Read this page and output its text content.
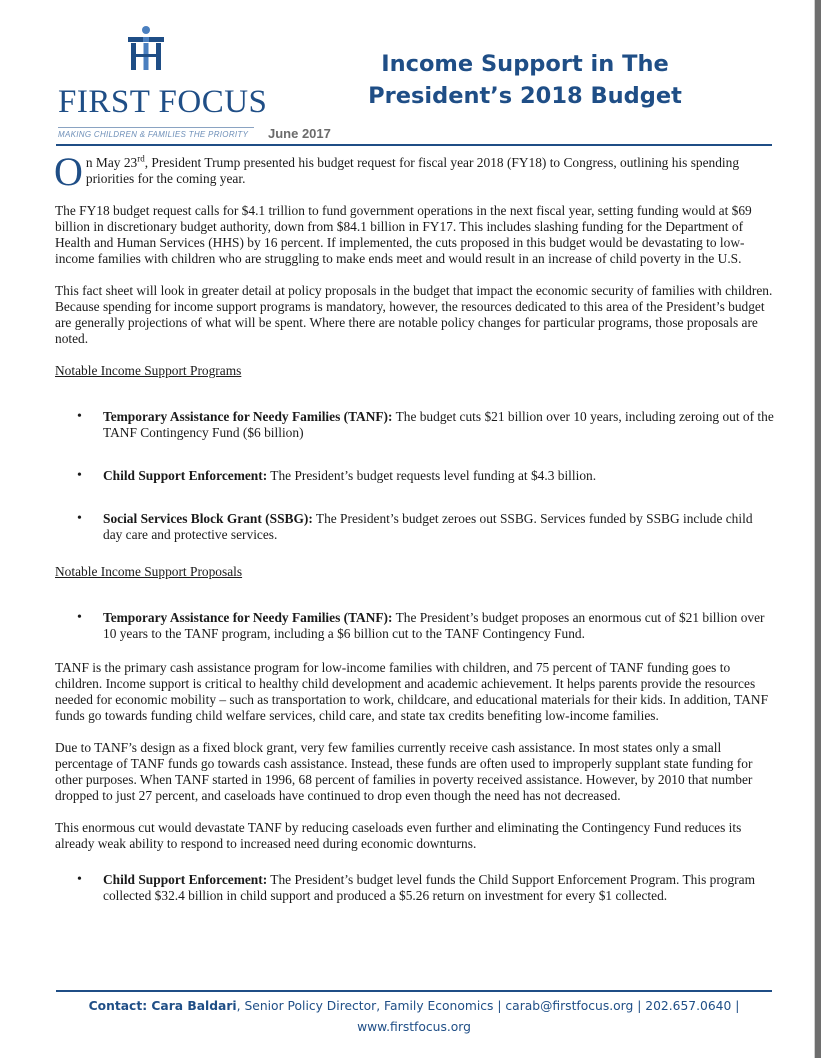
FIRST FOCUS

MAKING CHILDREN & FAMILIES THE PRIORITY June 2017

Income Support in The
President’s 2018 Budget

On May 23rd, President Trump presented his budget request for fiscal year 2018 (FY18) to Congress, outlining his spending priorities for the coming year.

The FY18 budget request calls for $4.1 trillion to fund government operations in the next fiscal year, setting funding would at $69 billion in discretionary budget authority, down from $84.1 billion in FY17. This includes slashing funding for the Department of Health and Human Services (HHS) by 16 percent. If implemented, the cuts proposed in this budget would be devastating to low-income families with children who are struggling to make ends meet and would result in an increase of child poverty in the U.S.

This fact sheet will look in greater detail at policy proposals in the budget that impact the economic security of families with children. Because spending for income support programs is mandatory, however, the resources dedicated to this area of the President’s budget are generally projections of what will be spent. Where there are notable policy changes for particular programs, those proposals are noted.

Notable Income Support Programs

• Temporary Assistance for Needy Families (TANF): The budget cuts $21 billion over 10 years, including zeroing out of the TANF Contingency Fund ($6 billion)
• Child Support Enforcement: The President’s budget requests level funding at $4.3 billion.
• Social Services Block Grant (SSBG): The President’s budget zeroes out SSBG. Services funded by SSBG include child day care and protective services.

Notable Income Support Proposals

• Temporary Assistance for Needy Families (TANF): The President’s budget proposes an enormous cut of $21 billion over 10 years to the TANF program, including a $6 billion cut to the TANF Contingency Fund.

TANF is the primary cash assistance program for low-income families with children, and 75 percent of TANF funding goes to children. Income support is critical to healthy child development and academic achievement. It helps parents provide the resources needed for economic mobility – such as transportation to work, childcare, and educational materials for their kids. In addition, TANF funds go towards funding child welfare services, child care, and state tax credits benefiting low-income families.

Due to TANF’s design as a fixed block grant, very few families currently receive cash assistance. In most states only a small percentage of TANF funds go towards cash assistance. Instead, these funds are often used to improperly supplant state funding for other purposes. When TANF started in 1996, 68 percent of families in poverty received assistance. However, by 2010 that number dropped to just 27 percent, and caseloads have continued to drop even though the need has not decreased.

This enormous cut would devastate TANF by reducing caseloads even further and eliminating the Contingency Fund reduces its already weak ability to respond to increased need during economic downturns.

• Child Support Enforcement: The President’s budget level funds the Child Support Enforcement Program. This program collected $32.4 billion in child support and produced a $5.26 return on investment for every $1 collected.

Contact: Cara Baldari, Senior Policy Director, Family Economics | carab@firstfocus.org | 202.657.0640 |
www.firstfocus.org
